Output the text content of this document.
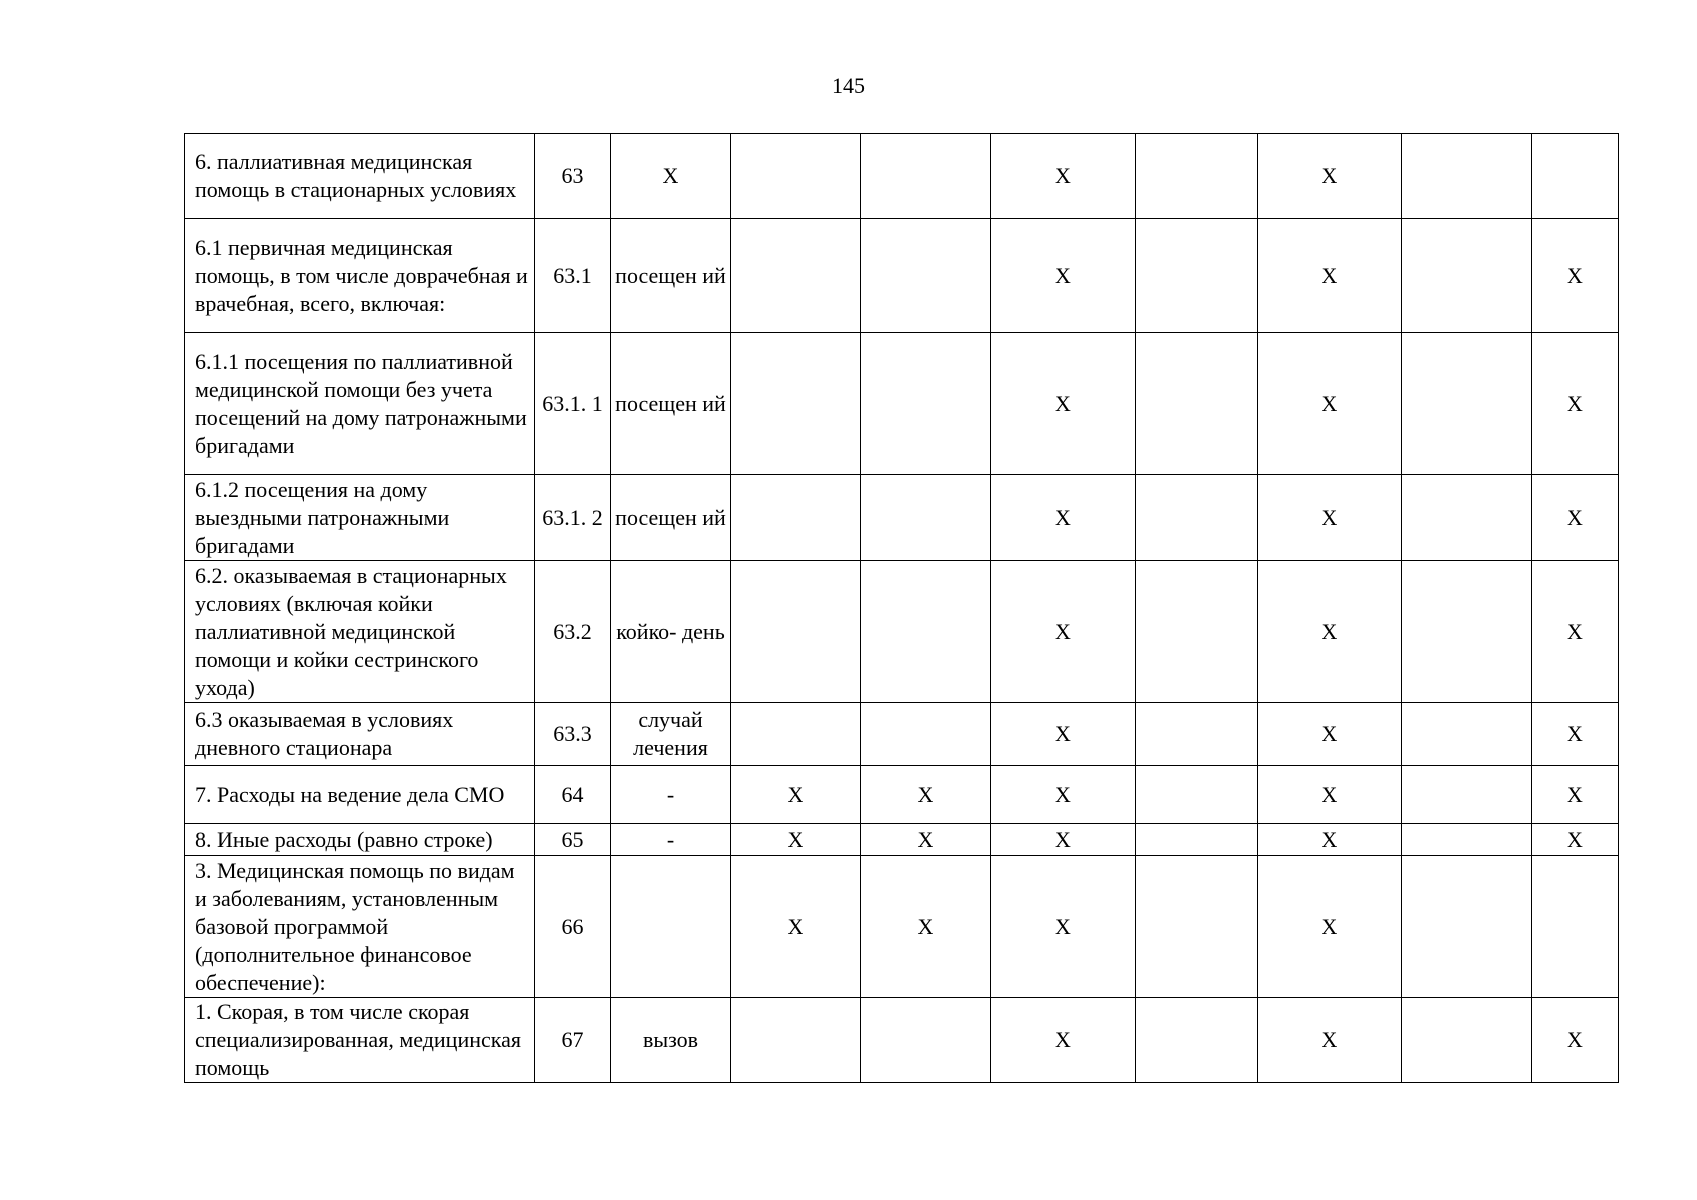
145
6. паллиативная медицинская помощь в стационарных условиях	63	X			X		X		
6.1 первичная медицинская помощь, в том числе доврачебная и врачебная, всего, включая:	63.1	посещен ий			X		X		X
6.1.1 посещения по паллиативной медицинской помощи без учета посещений на дому патронажными бригадами	63.1. 1	посещен ий			X		X		X
6.1.2 посещения на дому выездными патронажными бригадами	63.1. 2	посещен ий			X		X		X
6.2. оказываемая в стационарных условиях (включая койки паллиативной медицинской помощи и койки сестринского ухода)	63.2	койко- день			X		X		X
6.3 оказываемая в условиях дневного стационара	63.3	случай лечения			X		X		X
7. Расходы на ведение дела СМО	64	-	X	X	X		X		X
8. Иные расходы (равно строке)	65	-	X	X	X		X		X
3. Медицинская помощь по видам и заболеваниям, установленным базовой программой (дополнительное финансовое обеспечение):	66		X	X	X		X		
1. Скорая, в том числе скорая специализированная, медицинская помощь	67	вызов			X		X		X
